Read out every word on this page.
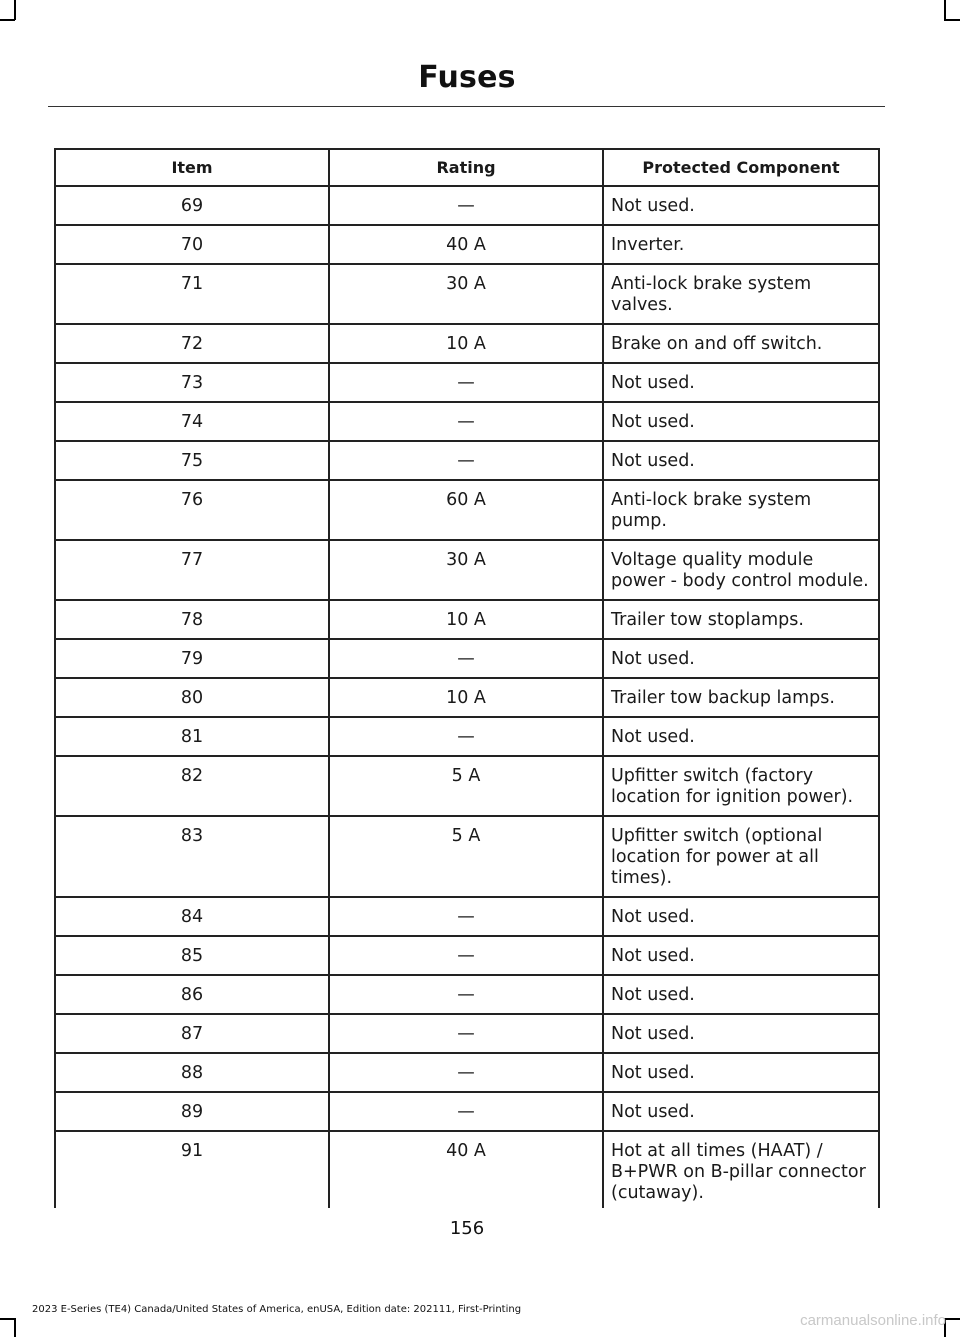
Fuses
Item	Rating	Protected Component
69	—	Not used.
70	40 A	Inverter.
71	30 A	Anti-lock brake system valves.
72	10 A	Brake on and off switch.
73	—	Not used.
74	—	Not used.
75	—	Not used.
76	60 A	Anti-lock brake system pump.
77	30 A	Voltage quality module power - body control module.
78	10 A	Trailer tow stoplamps.
79	—	Not used.
80	10 A	Trailer tow backup lamps.
81	—	Not used.
82	5 A	Upfitter switch (factory location for ignition power).
83	5 A	Upfitter switch (optional location for power at all times).
84	—	Not used.
85	—	Not used.
86	—	Not used.
87	—	Not used.
88	—	Not used.
89	—	Not used.
91	40 A	Hot at all times (HAAT) / B+PWR on B-pillar connector (cutaway).
156
2023 E-Series (TE4) Canada/United States of America, enUSA, Edition date: 202111, First-Printing
carmanualsonline.info
